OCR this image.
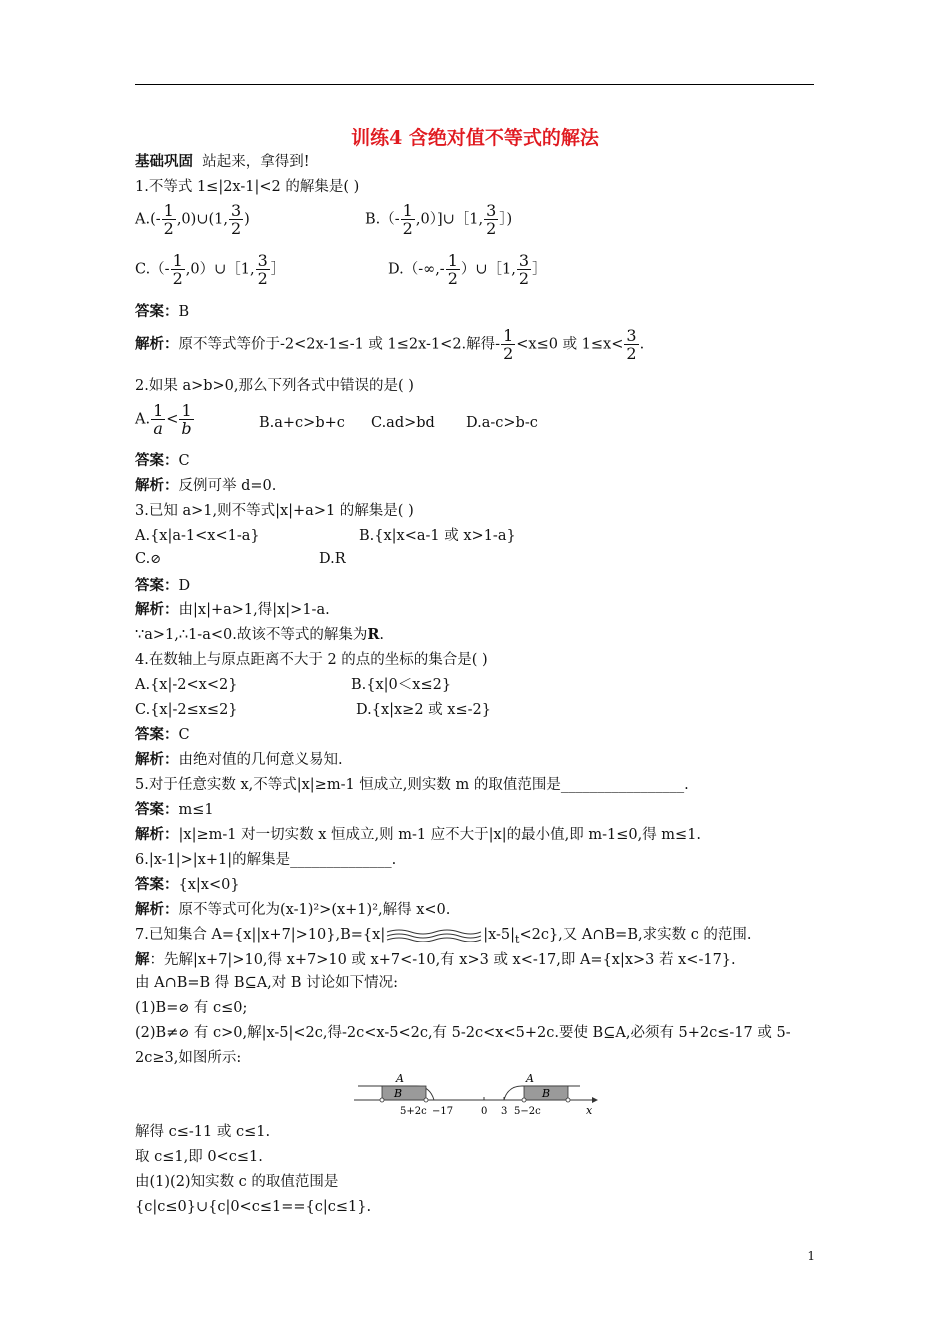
训练4 含绝对值不等式的解法
基础巩固 站起来，拿得到!
1.不等式 1≤|2x-1|<2 的解集是( )
$A.(- \frac{1}{2}$ ,0)∪(1, $\frac{3}{2}$ )	$B.(- \frac{1}{2}$ ,0）]∪［1, $\frac{3}{2}$ ］)
$C.(- \frac{1}{2}$ ,0）∪［1, $\frac{3}{2}$ ］	$D.(-\infty,- \frac{1}{2}$ ）∪［1, $\frac{3}{2}$ ］
答案：B
解析：原不等式等价于-2<2x-1≤-1 或 1≤2x-1<2.解得- $\frac{1}{2} <x\le 0$ 或 $1\le x< \frac{3}{2}$ .
2.如果 a>b>0,那么下列各式中错误的是( )
A. $\frac{1}{a} < \frac{1}{b}$	B.a+c>b+c C.ad>bd D.a-c>b-c
答案：C
解析：反例可举 d=0.
3.已知 a>1,则不等式|x|+a>1 的解集是( )
A.{x|a-1<x<1-a}	B.{x|x<a-1 或 x>1-a}
C.⊘	D.R
答案：D
解析：由|x|+a>1,得|x|>1-a.
∵a>1,∴1-a<0.故该不等式的解集为R.
4.在数轴上与原点距离不大于 2 的点的坐标的集合是( )
A.{x|-2<x<2}	B.{x|0＜x≤2}
C.{x|-2≤x≤2}	D.{x|x≥2 或 x≤-2}
答案：C
解析：由绝对值的几何意义易知.
5.对于任意实数 x,不等式|x|≥m-1 恒成立,则实数 m 的取值范围是_________________.
答案：m≤1
解析：|x|≥m-1 对一切实数 x 恒成立,则 m-1 应不大于|x|的最小值,即 m-1≤0,得 m≤1.
6.|x-1|>|x+1|的解集是______________.
答案：{x|x<0}
解析：原不等式可化为(x-1)²>(x+1)²,解得 x<0.
7.已知集合 A={x||x+7|>10},B={x|	$|x-5|_t<2c$},又 A∩B=B,求实数 c 的范围.
解：先解|x+7|>10,得 x+7>10 或 x+7<-10,有 x>3 或 x<-17,即 A={x|x>3 若 x<-17}.
由 A∩B=B 得 B⊆A,对 B 讨论如下情况:
(1)B=⊘ 有 c≤0;
(2)B≠⊘ 有 c>0,解|x-5|<2c,得-2c<x-5<2c,有 5-2c<x<5+2c.要使 B⊆A,必须有 5+2c≤-17 或 5-
2c≥3,如图所示:
A
B
A
B
5+2c −17	0 3 5−2c	x
解得 c≤-11 或 c≤1.
取 c≤1,即 0<c≤1.
由(1)(2)知实数 c 的取值范围是
{c|c≤0}∪{c|0<c≤1=={c|c≤1}.
1
